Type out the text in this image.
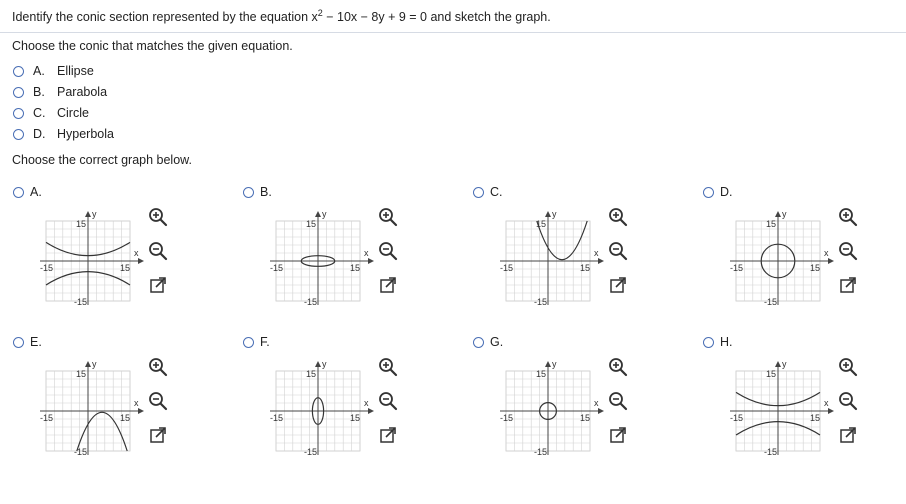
Identify the conic section represented by the equation $x^2 - 10x - 8y + 9 = 0$ and sketch the graph.
Choose the conic that matches the given equation.
A. Ellipse
B. Parabola
C. Circle
D. Hyperbola
Choose the correct graph below.
A.
y
x
15
-15
-15	15
B.
y
x
15
-15
-15	15
C.
y
x
15
-15
-15	15
D.
y
x
15
-15
-15	15
E.
y
x
15
-15
-15	15
F.
y
x
15
-15
-15	15
G.
y
x
15
-15
-15	15
H.
y
x
15
-15
-15	15
